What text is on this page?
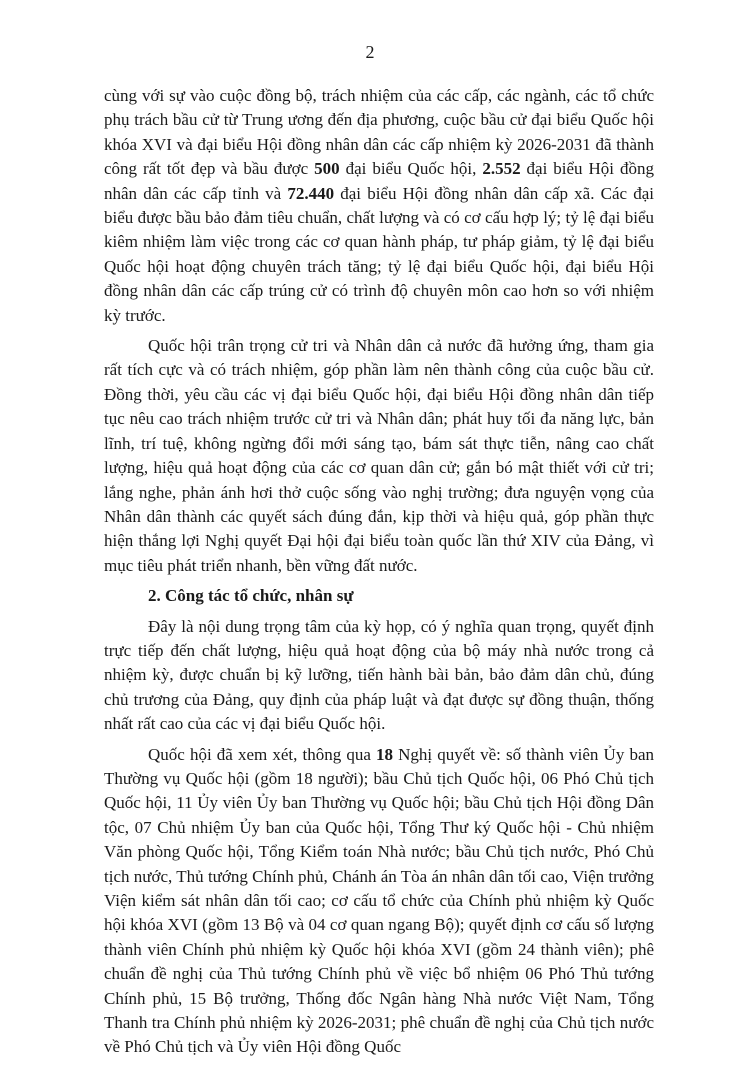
2

cùng với sự vào cuộc đồng bộ, trách nhiệm của các cấp, các ngành, các tổ chức phụ trách bầu cử từ Trung ương đến địa phương, cuộc bầu cử đại biểu Quốc hội khóa XVI và đại biểu Hội đồng nhân dân các cấp nhiệm kỳ 2026-2031 đã thành công rất tốt đẹp và bầu được 500 đại biểu Quốc hội, 2.552 đại biểu Hội đồng nhân dân các cấp tỉnh và 72.440 đại biểu Hội đồng nhân dân cấp xã. Các đại biểu được bầu bảo đảm tiêu chuẩn, chất lượng và có cơ cấu hợp lý; tỷ lệ đại biểu kiêm nhiệm làm việc trong các cơ quan hành pháp, tư pháp giảm, tỷ lệ đại biểu Quốc hội hoạt động chuyên trách tăng; tỷ lệ đại biểu Quốc hội, đại biểu Hội đồng nhân dân các cấp trúng cử có trình độ chuyên môn cao hơn so với nhiệm kỳ trước.

Quốc hội trân trọng cử tri và Nhân dân cả nước đã hưởng ứng, tham gia rất tích cực và có trách nhiệm, góp phần làm nên thành công của cuộc bầu cử. Đồng thời, yêu cầu các vị đại biểu Quốc hội, đại biểu Hội đồng nhân dân tiếp tục nêu cao trách nhiệm trước cử tri và Nhân dân; phát huy tối đa năng lực, bản lĩnh, trí tuệ, không ngừng đổi mới sáng tạo, bám sát thực tiễn, nâng cao chất lượng, hiệu quả hoạt động của các cơ quan dân cử; gắn bó mật thiết với cử tri; lắng nghe, phản ánh hơi thở cuộc sống vào nghị trường; đưa nguyện vọng của Nhân dân thành các quyết sách đúng đắn, kịp thời và hiệu quả, góp phần thực hiện thắng lợi Nghị quyết Đại hội đại biểu toàn quốc lần thứ XIV của Đảng, vì mục tiêu phát triển nhanh, bền vững đất nước.

2. Công tác tổ chức, nhân sự

Đây là nội dung trọng tâm của kỳ họp, có ý nghĩa quan trọng, quyết định trực tiếp đến chất lượng, hiệu quả hoạt động của bộ máy nhà nước trong cả nhiệm kỳ, được chuẩn bị kỹ lưỡng, tiến hành bài bản, bảo đảm dân chủ, đúng chủ trương của Đảng, quy định của pháp luật và đạt được sự đồng thuận, thống nhất rất cao của các vị đại biểu Quốc hội.

Quốc hội đã xem xét, thông qua 18 Nghị quyết về: số thành viên Ủy ban Thường vụ Quốc hội (gồm 18 người); bầu Chủ tịch Quốc hội, 06 Phó Chủ tịch Quốc hội, 11 Ủy viên Ủy ban Thường vụ Quốc hội; bầu Chủ tịch Hội đồng Dân tộc, 07 Chủ nhiệm Ủy ban của Quốc hội, Tổng Thư ký Quốc hội - Chủ nhiệm Văn phòng Quốc hội, Tổng Kiểm toán Nhà nước; bầu Chủ tịch nước, Phó Chủ tịch nước, Thủ tướng Chính phủ, Chánh án Tòa án nhân dân tối cao, Viện trưởng Viện kiểm sát nhân dân tối cao; cơ cấu tổ chức của Chính phủ nhiệm kỳ Quốc hội khóa XVI (gồm 13 Bộ và 04 cơ quan ngang Bộ); quyết định cơ cấu số lượng thành viên Chính phủ nhiệm kỳ Quốc hội khóa XVI (gồm 24 thành viên); phê chuẩn đề nghị của Thủ tướng Chính phủ về việc bổ nhiệm 06 Phó Thủ tướng Chính phủ, 15 Bộ trưởng, Thống đốc Ngân hàng Nhà nước Việt Nam, Tổng Thanh tra Chính phủ nhiệm kỳ 2026-2031; phê chuẩn đề nghị của Chủ tịch nước về Phó Chủ tịch và Ủy viên Hội đồng Quốc
